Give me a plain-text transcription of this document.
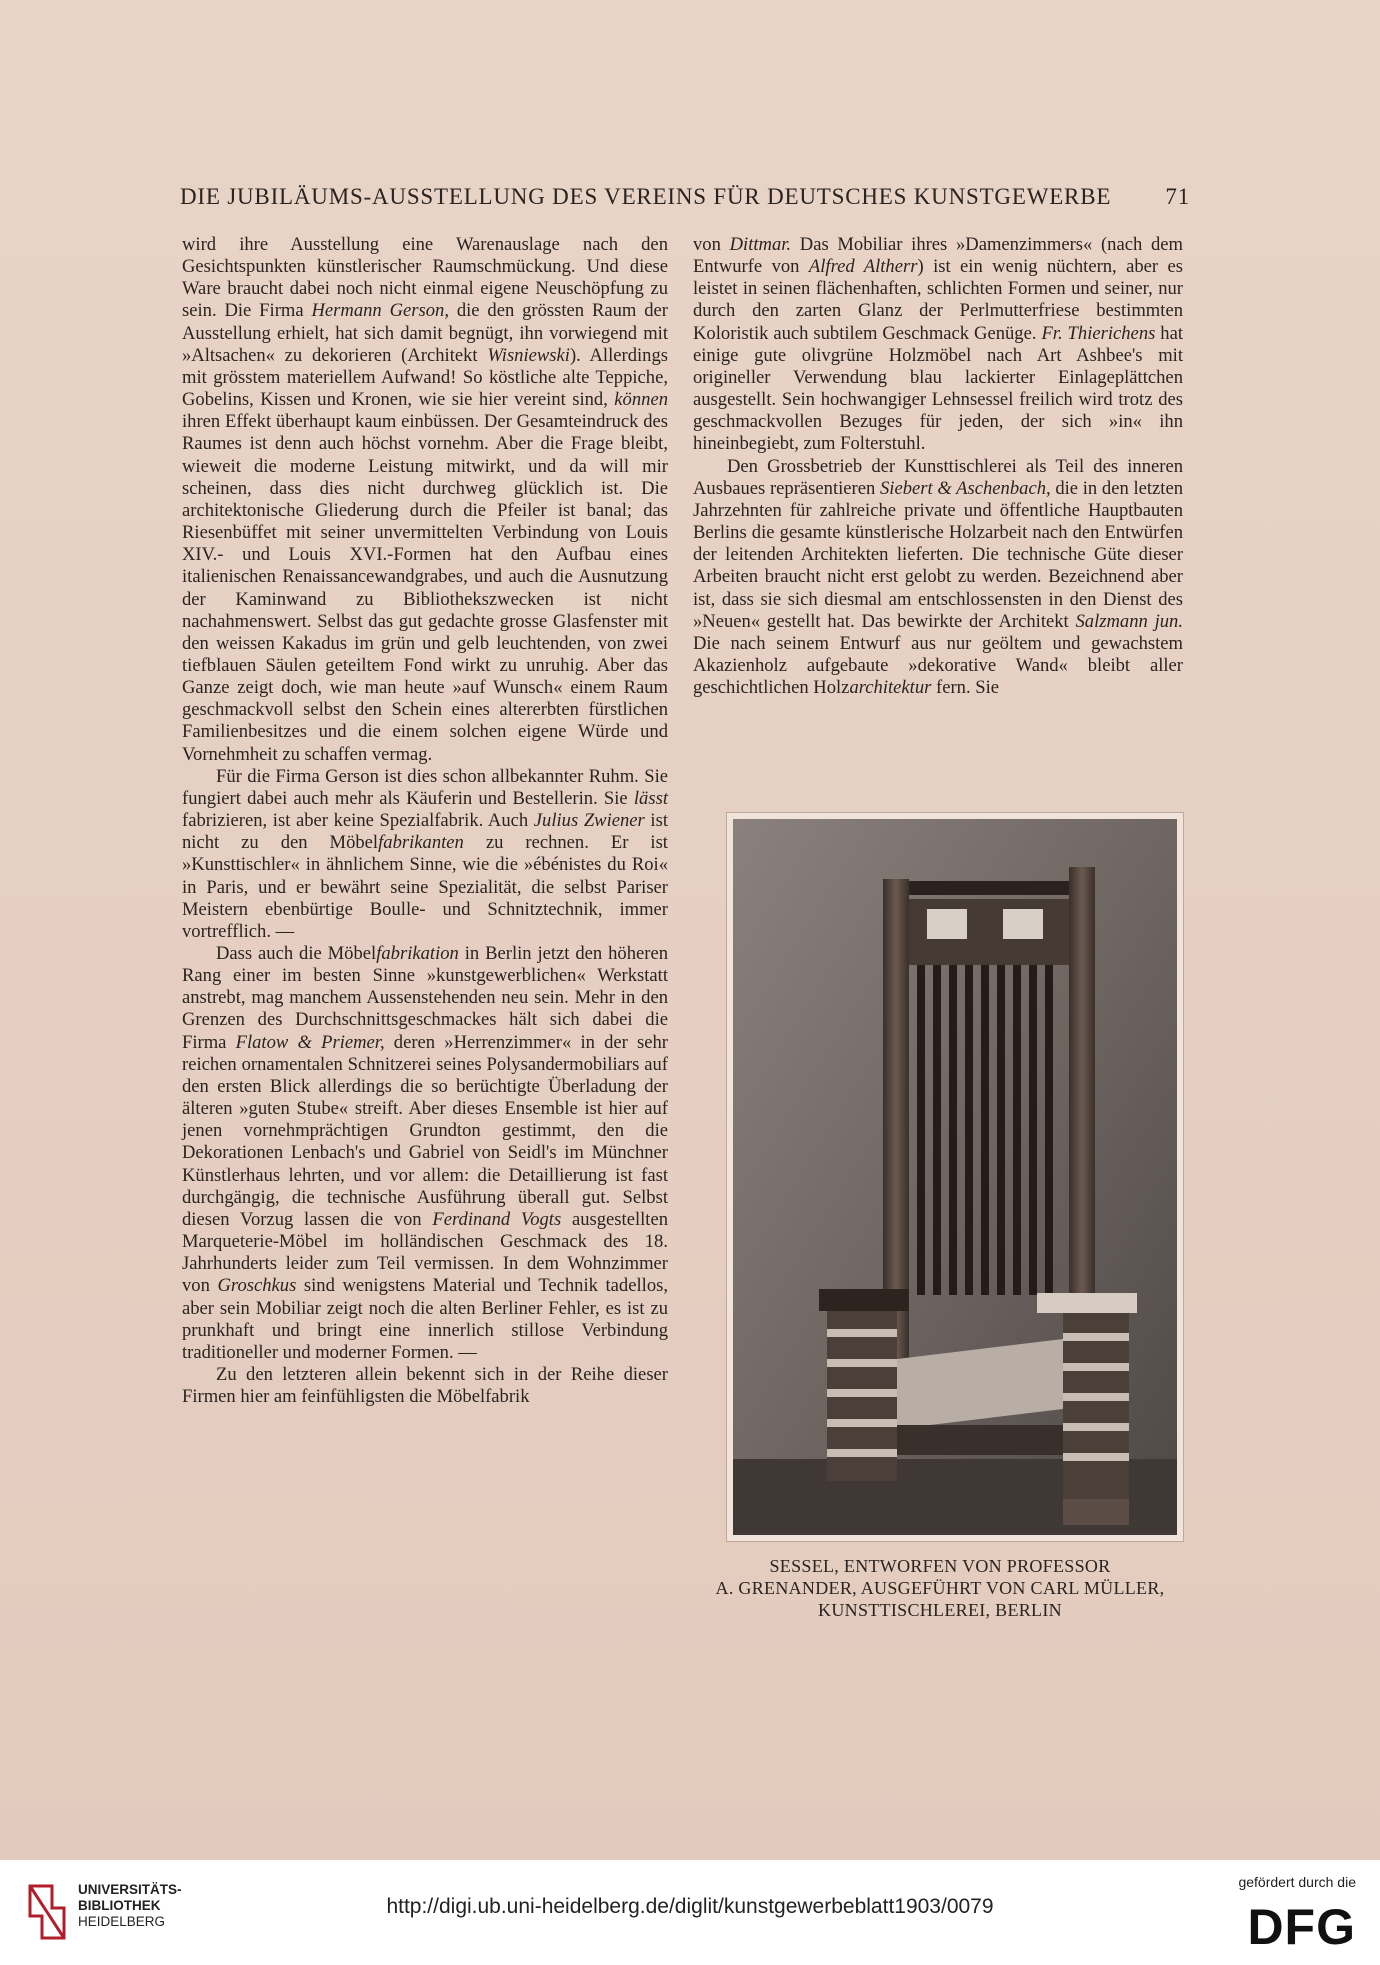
DIE JUBILÄUMS-AUSSTELLUNG DES VEREINS FÜR DEUTSCHES KUNSTGEWERBE 71

wird ihre Ausstellung eine Warenauslage nach den Gesichtspunkten künstlerischer Raumschmückung. Und diese Ware braucht dabei noch nicht einmal eigene Neuschöpfung zu sein. Die Firma Hermann Gerson, die den grössten Raum der Ausstellung erhielt, hat sich damit begnügt, ihn vorwiegend mit »Altsachen« zu dekorieren (Architekt Wisniewski). Allerdings mit grösstem materiellem Aufwand! So köstliche alte Teppiche, Gobelins, Kissen und Kronen, wie sie hier vereint sind, können ihren Effekt überhaupt kaum einbüssen. Der Gesamteindruck des Raumes ist denn auch höchst vornehm. Aber die Frage bleibt, wieweit die moderne Leistung mitwirkt, und da will mir scheinen, dass dies nicht durchweg glücklich ist. Die architektonische Gliederung durch die Pfeiler ist banal; das Riesenbüffet mit seiner unvermittelten Verbindung von Louis XIV.- und Louis XVI.-Formen hat den Aufbau eines italienischen Renaissancewandgrabes, und auch die Ausnutzung der Kaminwand zu Bibliothekszwecken ist nicht nachahmenswert. Selbst das gut gedachte grosse Glasfenster mit den weissen Kakadus im grün und gelb leuchtenden, von zwei tiefblauen Säulen geteiltem Fond wirkt zu unruhig. Aber das Ganze zeigt doch, wie man heute »auf Wunsch« einem Raum geschmackvoll selbst den Schein eines altererbten fürstlichen Familienbesitzes und die einem solchen eigene Würde und Vornehmheit zu schaffen vermag.

Für die Firma Gerson ist dies schon allbekannter Ruhm. Sie fungiert dabei auch mehr als Käuferin und Bestellerin. Sie lässt fabrizieren, ist aber keine Spezialfabrik. Auch Julius Zwiener ist nicht zu den Möbelfabrikanten zu rechnen. Er ist »Kunsttischler« in ähnlichem Sinne, wie die »ébénistes du Roi« in Paris, und er bewährt seine Spezialität, die selbst Pariser Meistern ebenbürtige Boulle- und Schnitztechnik, immer vortrefflich. —

Dass auch die Möbelfabrikation in Berlin jetzt den höheren Rang einer im besten Sinne »kunstgewerblichen« Werkstatt anstrebt, mag manchem Aussenstehenden neu sein. Mehr in den Grenzen des Durchschnittsgeschmackes hält sich dabei die Firma Flatow & Priemer, deren »Herrenzimmer« in der sehr reichen ornamentalen Schnitzerei seines Polysandermobiliars auf den ersten Blick allerdings die so berüchtigte Überladung der älteren »guten Stube« streift. Aber dieses Ensemble ist hier auf jenen vornehmprächtigen Grundton gestimmt, den die Dekorationen Lenbach's und Gabriel von Seidl's im Münchner Künstlerhaus lehrten, und vor allem: die Detaillierung ist fast durchgängig, die technische Ausführung überall gut. Selbst diesen Vorzug lassen die von Ferdinand Vogts ausgestellten Marqueterie-Möbel im holländischen Geschmack des 18. Jahrhunderts leider zum Teil vermissen. In dem Wohnzimmer von Groschkus sind wenigstens Material und Technik tadellos, aber sein Mobiliar zeigt noch die alten Berliner Fehler, es ist zu prunkhaft und bringt eine innerlich stillose Verbindung traditioneller und moderner Formen. —

Zu den letzteren allein bekennt sich in der Reihe dieser Firmen hier am feinfühligsten die Möbelfabrik

von Dittmar. Das Mobiliar ihres »Damenzimmers« (nach dem Entwurfe von Alfred Altherr) ist ein wenig nüchtern, aber es leistet in seinen flächenhaften, schlichten Formen und seiner, nur durch den zarten Glanz der Perlmutterfriese bestimmten Koloristik auch subtilem Geschmack Genüge. Fr. Thierichens hat einige gute olivgrüne Holzmöbel nach Art Ashbee's mit origineller Verwendung blau lackierter Einlageplättchen ausgestellt. Sein hochwangiger Lehnsessel freilich wird trotz des geschmackvollen Bezuges für jeden, der sich »in« ihn hineinbegiebt, zum Folterstuhl.

Den Grossbetrieb der Kunsttischlerei als Teil des inneren Ausbaues repräsentieren Siebert & Aschenbach, die in den letzten Jahrzehnten für zahlreiche private und öffentliche Hauptbauten Berlins die gesamte künstlerische Holzarbeit nach den Entwürfen der leitenden Architekten lieferten. Die technische Güte dieser Arbeiten braucht nicht erst gelobt zu werden. Bezeichnend aber ist, dass sie sich diesmal am entschlossensten in den Dienst des »Neuen« gestellt hat. Das bewirkte der Architekt Salzmann jun. Die nach seinem Entwurf aus nur geöltem und gewachstem Akazienholz aufgebaute »dekorative Wand« bleibt aller geschichtlichen Holzarchitektur fern. Sie

SESSEL, ENTWORFEN VON PROFESSOR
A. GRENANDER, AUSGEFÜHRT VON CARL MÜLLER,
KUNSTTISCHLEREI, BERLIN
UNIVERSITÄTS-
BIBLIOTHEK
HEIDELBERG
http://digi.ub.uni-heidelberg.de/diglit/kunstgewerbeblatt1903/0079
gefördert durch die
DFG
